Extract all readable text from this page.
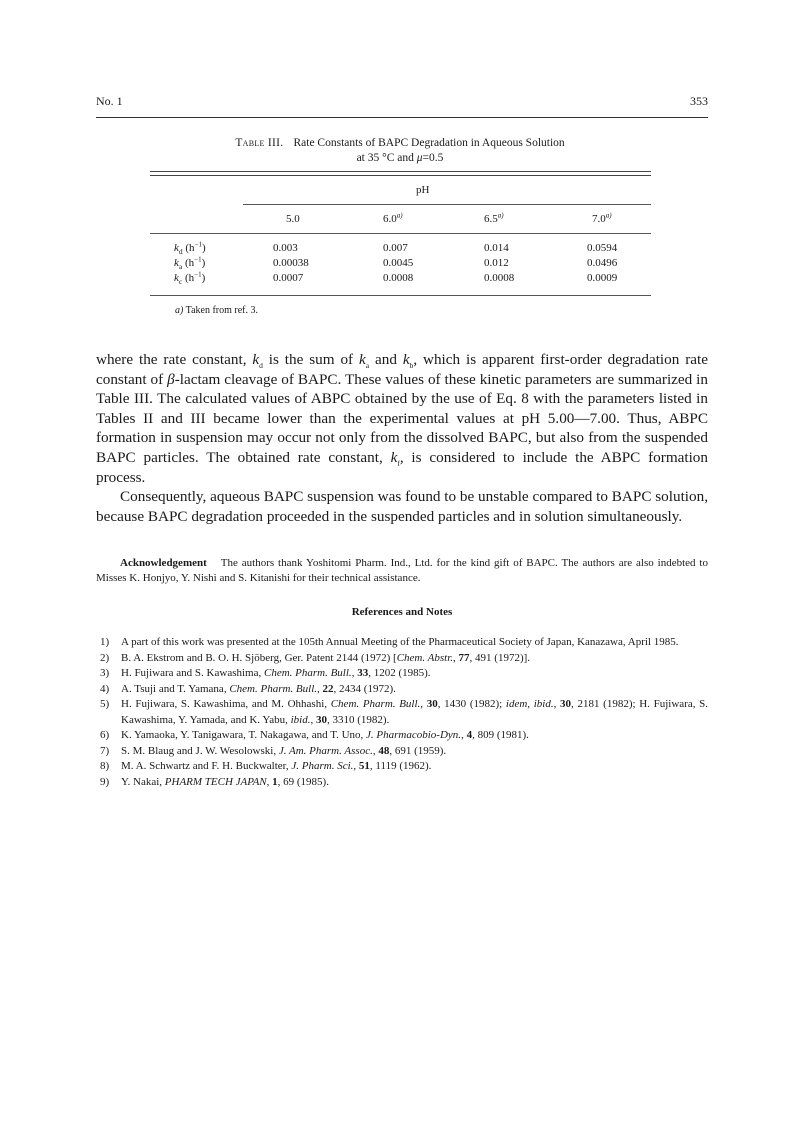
No. 1	353
Table III. Rate Constants of BAPC Degradation in Aqueous Solution
at 35 °C and μ=0.5
pH
5.0	6.0$^{a)}$	6.5$^{a)}$	7.0$^{a)}$
$k_d$ $(h^{-1})$	0.003	0.007	0.014	0.0594
$k_a$ $(h^{-1})$	0.00038	0.0045	0.012	0.0496
$k_c$ $(h^{-1})$	0.0007	0.0008	0.0008	0.0009
a) Taken from ref. 3.

where the rate constant, $k_d$ is the sum of $k_a$ and $k_b$, which is apparent first-order degradation rate constant of β-lactam cleavage of BAPC. These values of these kinetic parameters are summarized in Table III. The calculated values of ABPC obtained by the use of Eq. 8 with the parameters listed in Tables II and III became lower than the experimental values at pH 5.00—7.00. Thus, ABPC formation in suspension may occur not only from the dissolved BAPC, but also from the suspended BAPC particles. The obtained rate constant, $k_f$, is considered to include the ABPC formation process.

Consequently, aqueous BAPC suspension was found to be unstable compared to BAPC solution, because BAPC degradation proceeded in the suspended particles and in solution simultaneously.

Acknowledgement The authors thank Yoshitomi Pharm. Ind., Ltd. for the kind gift of BAPC. The authors are also indebted to Misses K. Honjyo, Y. Nishi and S. Kitanishi for their technical assistance.
References and Notes
1) A part of this work was presented at the 105th Annual Meeting of the Pharmaceutical Society of Japan, Kanazawa, April 1985.
2) B. A. Ekstrom and B. O. H. Sjöberg, Ger. Patent 2144 (1972) [Chem. Abstr., 77, 491 (1972)].
3) H. Fujiwara and S. Kawashima, Chem. Pharm. Bull., 33, 1202 (1985).
4) A. Tsuji and T. Yamana, Chem. Pharm. Bull., 22, 2434 (1972).
5) H. Fujiwara, S. Kawashima, and M. Ohhashi, Chem. Pharm. Bull., 30, 1430 (1982); idem, ibid., 30, 2181 (1982); H. Fujiwara, S. Kawashima, Y. Yamada, and K. Yabu, ibid., 30, 3310 (1982).
6) K. Yamaoka, Y. Tanigawara, T. Nakagawa, and T. Uno, J. Pharmacobio-Dyn., 4, 809 (1981).
7) S. M. Blaug and J. W. Wesolowski, J. Am. Pharm. Assoc., 48, 691 (1959).
8) M. A. Schwartz and F. H. Buckwalter, J. Pharm. Sci., 51, 1119 (1962).
9) Y. Nakai, PHARM TECH JAPAN, 1, 69 (1985).
